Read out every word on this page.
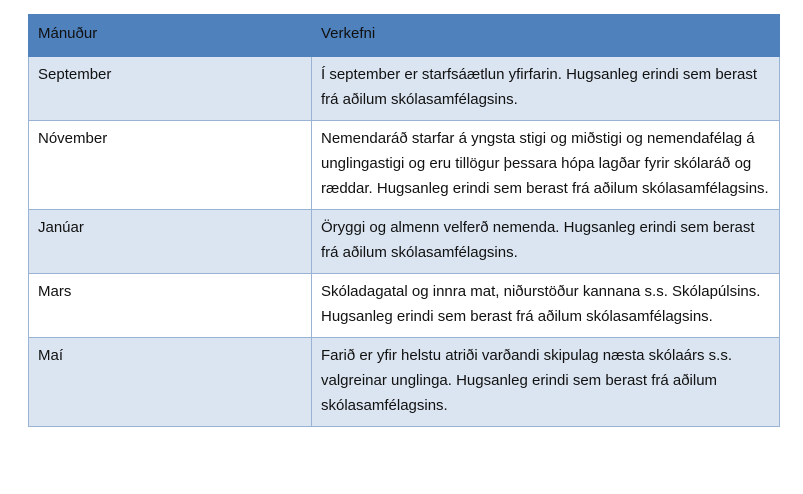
Mánuður	Verkefni
September	Í september er starfsáætlun yfirfarin. Hugsanleg erindi sem berast frá aðilum skólasamfélagsins.
Nóvember	Nemendaráð starfar á yngsta stigi og miðstigi og nemendafélag á unglingastigi og eru tillögur þessara hópa lagðar fyrir skólaráð og ræddar. Hugsanleg erindi sem berast frá aðilum skólasamfélagsins.
Janúar	Öryggi og almenn velferð nemenda. Hugsanleg erindi sem berast frá aðilum skólasamfélagsins.
Mars	Skóladagatal og innra mat, niðurstöður kannana s.s. Skólapúlsins. Hugsanleg erindi sem berast frá aðilum skólasamfélagsins.
Maí	Farið er yfir helstu atriði varðandi skipulag næsta skólaárs s.s. valgreinar unglinga. Hugsanleg erindi sem berast frá aðilum skólasamfélagsins.
